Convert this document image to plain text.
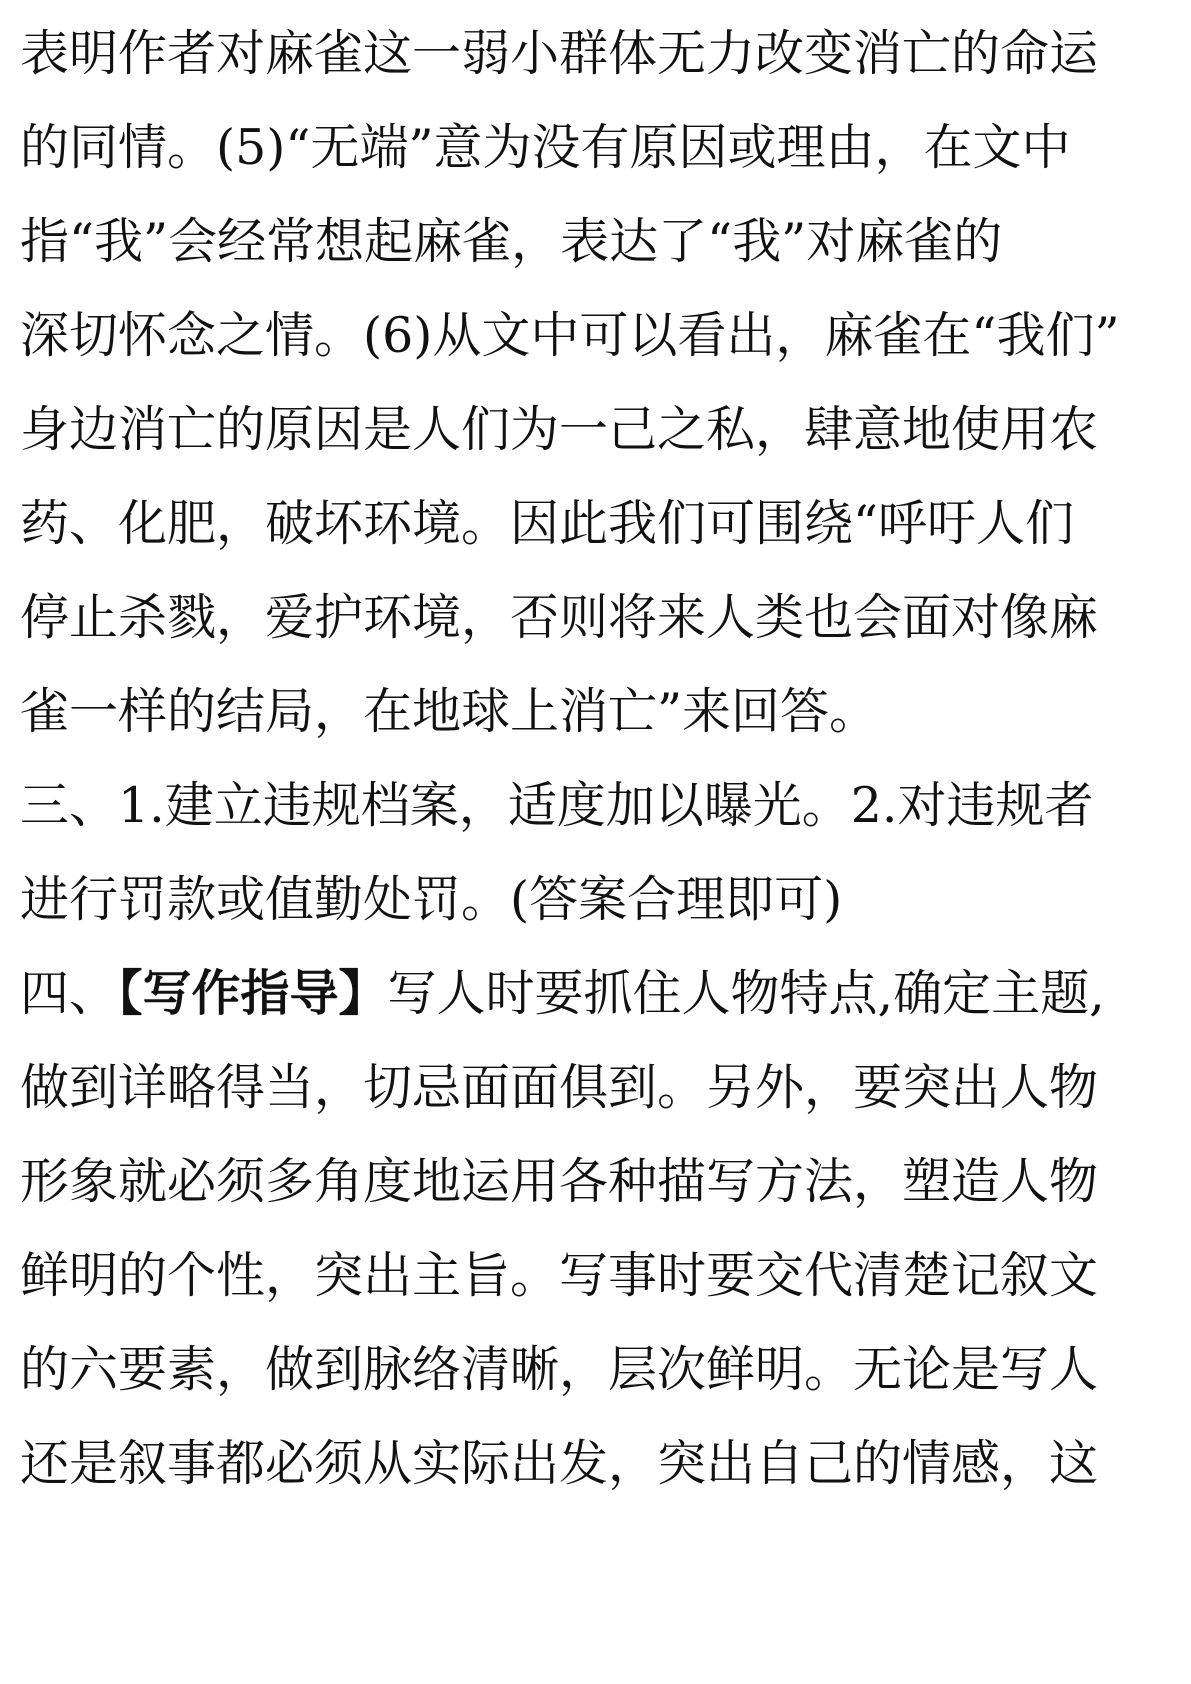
表明作者对麻雀这一弱小群体无力改变消亡的命运
的同情。(5)“无端”意为没有原因或理由，在文中
指“我”会经常想起麻雀，表达了“我”对麻雀的
深切怀念之情。(6)从文中可以看出，麻雀在“我们”
身边消亡的原因是人们为一己之私，肆意地使用农
药、化肥，破坏环境。因此我们可围绕“呼吁人们
停止杀戮，爱护环境，否则将来人类也会面对像麻
雀一样的结局，在地球上消亡”来回答。
三、1.建立违规档案，适度加以曝光。2.对违规者
进行罚款或值勤处罚。(答案合理即可)
四、【写作指导】写人时要抓住人物特点,确定主题,
做到详略得当，切忌面面俱到。另外，要突出人物
形象就必须多角度地运用各种描写方法，塑造人物
鲜明的个性，突出主旨。写事时要交代清楚记叙文
的六要素，做到脉络清晰，层次鲜明。无论是写人
还是叙事都必须从实际出发，突出自己的情感，这
